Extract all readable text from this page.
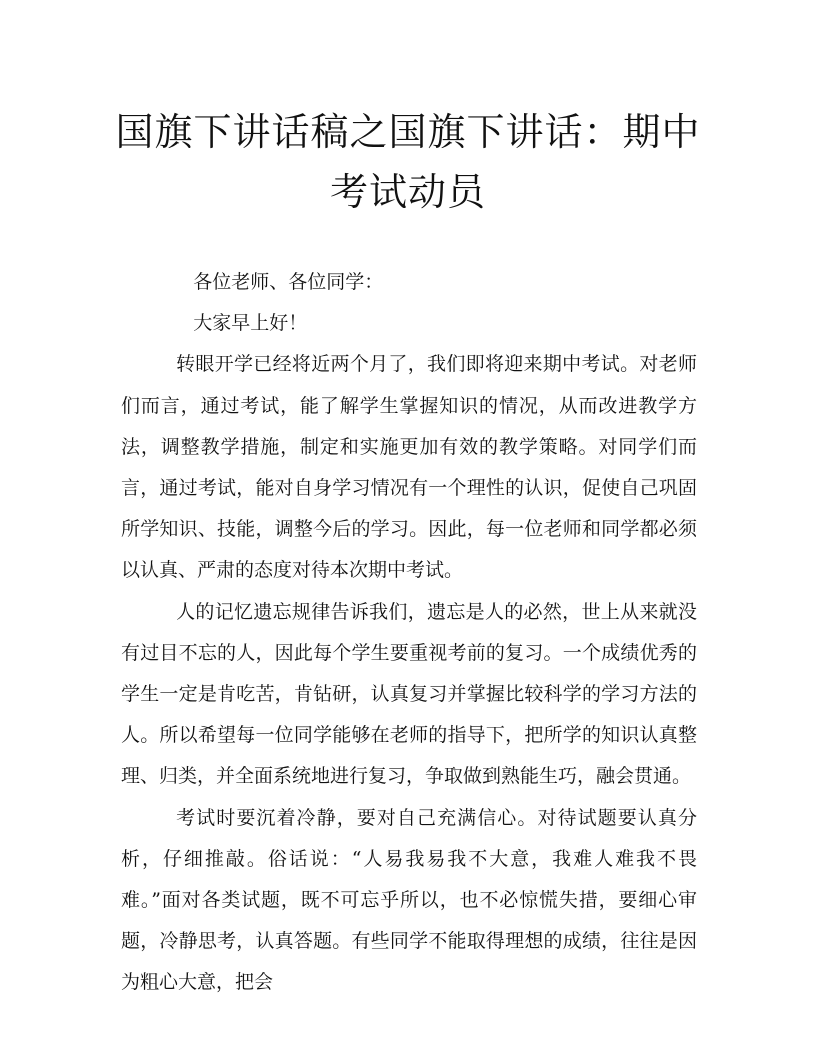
国旗下讲话稿之国旗下讲话：期中考试动员

各位老师、各位同学：

大家早上好！

转眼开学已经将近两个月了，我们即将迎来期中考试。对老师们而言，通过考试，能了解学生掌握知识的情况，从而改进教学方法，调整教学措施，制定和实施更加有效的教学策略。对同学们而言，通过考试，能对自身学习情况有一个理性的认识，促使自己巩固所学知识、技能，调整今后的学习。因此，每一位老师和同学都必须以认真、严肃的态度对待本次期中考试。

人的记忆遗忘规律告诉我们，遗忘是人的必然，世上从来就没有过目不忘的人，因此每个学生要重视考前的复习。一个成绩优秀的学生一定是肯吃苦，肯钻研，认真复习并掌握比较科学的学习方法的人。所以希望每一位同学能够在老师的指导下，把所学的知识认真整理、归类，并全面系统地进行复习，争取做到熟能生巧，融会贯通。

考试时要沉着冷静，要对自己充满信心。对待试题要认真分析，仔细推敲。俗话说：“人易我易我不大意，我难人难我不畏难。”面对各类试题，既不可忘乎所以，也不必惊慌失措，要细心审题，冷静思考，认真答题。有些同学不能取得理想的成绩，往往是因为粗心大意，把会
